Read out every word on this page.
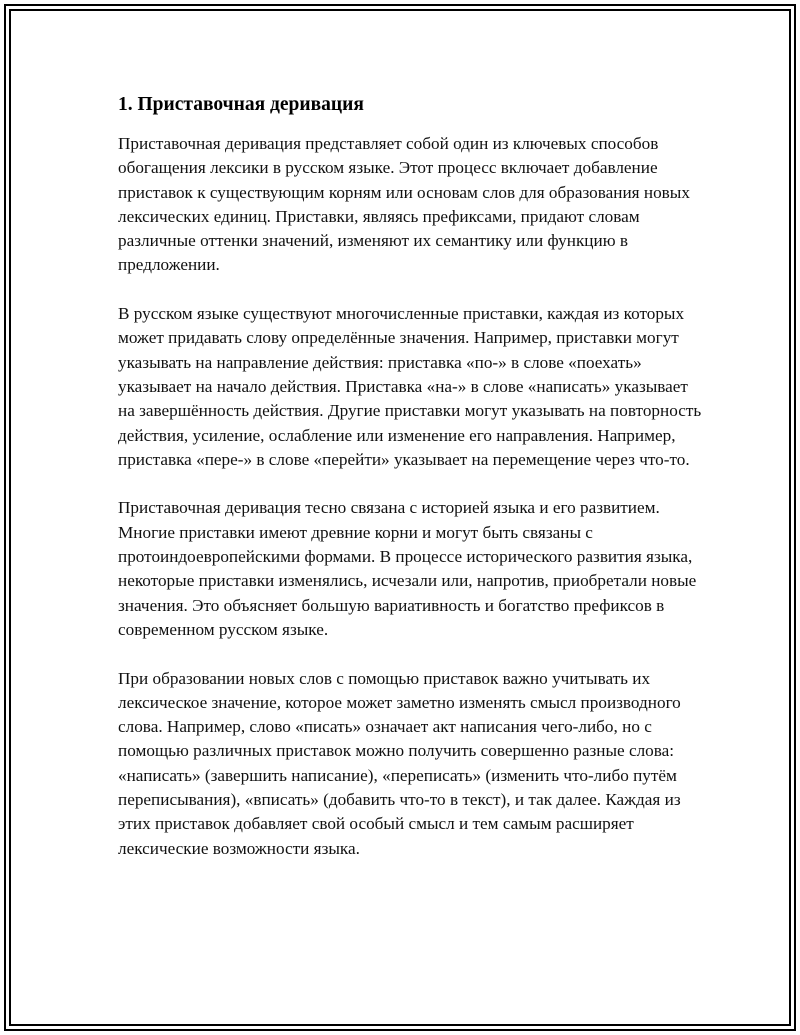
1. Приставочная деривация

Приставочная деривация представляет собой один из ключевых способов обогащения лексики в русском языке. Этот процесс включает добавление приставок к существующим корням или основам слов для образования новых лексических единиц. Приставки, являясь префиксами, придают словам различные оттенки значений, изменяют их семантику или функцию в предложении.

В русском языке существуют многочисленные приставки, каждая из которых может придавать слову определённые значения. Например, приставки могут указывать на направление действия: приставка «по-» в слове «поехать» указывает на начало действия. Приставка «на-» в слове «написать» указывает на завершённость действия. Другие приставки могут указывать на повторность действия, усиление, ослабление или изменение его направления. Например, приставка «пере-» в слове «перейти» указывает на перемещение через что-то.

Приставочная деривация тесно связана с историей языка и его развитием. Многие приставки имеют древние корни и могут быть связаны с протоиндоевропейскими формами. В процессе исторического развития языка, некоторые приставки изменялись, исчезали или, напротив, приобретали новые значения. Это объясняет большую вариативность и богатство префиксов в современном русском языке.

При образовании новых слов с помощью приставок важно учитывать их лексическое значение, которое может заметно изменять смысл производного слова. Например, слово «писать» означает акт написания чего-либо, но с помощью различных приставок можно получить совершенно разные слова: «написать» (завершить написание), «переписать» (изменить что-либо путём переписывания), «вписать» (добавить что-то в текст), и так далее. Каждая из этих приставок добавляет свой особый смысл и тем самым расширяет лексические возможности языка.
